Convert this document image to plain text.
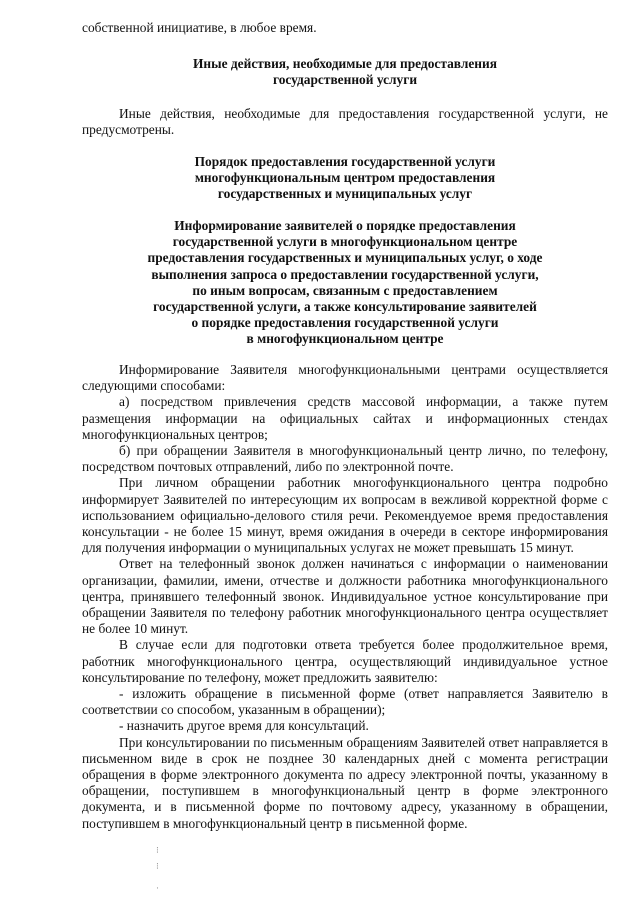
собственной инициативе, в любое время.

Иные действия, необходимые для предоставления
государственной услуги

Иные действия, необходимые для предоставления государственной услуги, не предусмотрены.

Порядок предоставления государственной услуги
многофункциональным центром предоставления
государственных и муниципальных услуг
Информирование заявителей о порядке предоставления
государственной услуги в многофункциональном центре
предоставления государственных и муниципальных услуг, о ходе
выполнения запроса о предоставлении государственной услуги,
по иным вопросам, связанным с предоставлением
государственной услуги, а также консультирование заявителей
о порядке предоставления государственной услуги
в многофункциональном центре

Информирование Заявителя многофункциональными центрами осуществляется следующими способами:

а) посредством привлечения средств массовой информации, а также путем размещения информации на официальных сайтах и информационных стендах многофункциональных центров;

б) при обращении Заявителя в многофункциональный центр лично, по телефону, посредством почтовых отправлений, либо по электронной почте.

При личном обращении работник многофункционального центра подробно информирует Заявителей по интересующим их вопросам в вежливой корректной форме с использованием официально-делового стиля речи. Рекомендуемое время предоставления консультации - не более 15 минут, время ожидания в очереди в секторе информирования для получения информации о муниципальных услугах не может превышать 15 минут.

Ответ на телефонный звонок должен начинаться с информации о наименовании организации, фамилии, имени, отчестве и должности работника многофункционального центра, принявшего телефонный звонок. Индивидуальное устное консультирование при обращении Заявителя по телефону работник многофункционального центра осуществляет не более 10 минут.

В случае если для подготовки ответа требуется более продолжительное время, работник многофункционального центра, осуществляющий индивидуальное устное консультирование по телефону, может предложить заявителю:

- изложить обращение в письменной форме (ответ направляется Заявителю в соответствии со способом, указанным в обращении);

- назначить другое время для консультаций.

При консультировании по письменным обращениям Заявителей ответ направляется в письменном виде в срок не позднее 30 календарных дней с момента регистрации обращения в форме электронного документа по адресу электронной почты, указанному в обращении, поступившем в многофункциональный центр в форме электронного документа, и в письменной форме по почтовому адресу, указанному в обращении, поступившем в многофункциональный центр в письменной форме.

⁝
⁝
·
